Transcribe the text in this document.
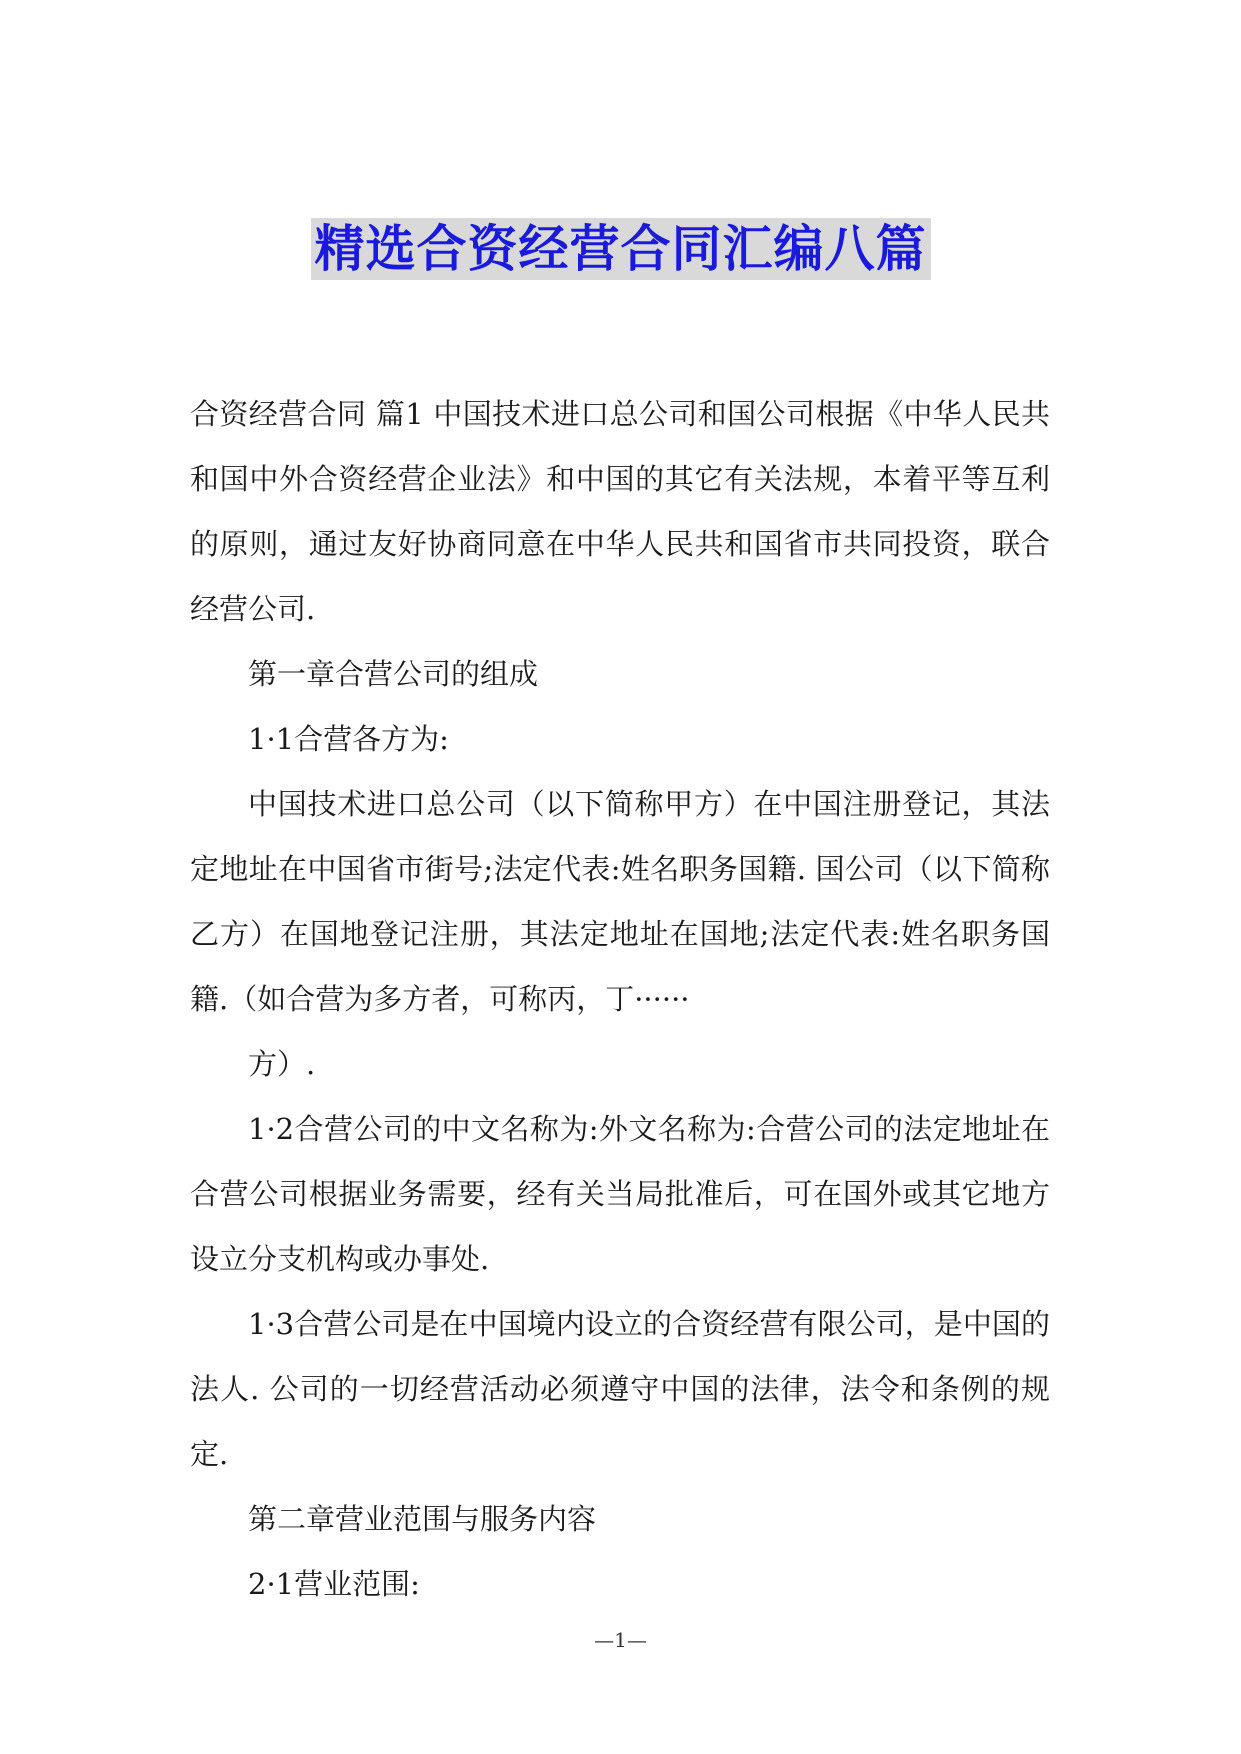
精选合资经营合同汇编八篇

合资经营合同 篇1 中国技术进口总公司和国公司根据《中华人民共和国中外合资经营企业法》和中国的其它有关法规，本着平等互利的原则，通过友好协商同意在中华人民共和国省市共同投资，联合经营公司.

第一章合营公司的组成

1·1合营各方为:

中国技术进口总公司（以下简称甲方）在中国注册登记，其法定地址在中国省市街号;法定代表:姓名职务国籍. 国公司（以下简称乙方）在国地登记注册，其法定地址在国地;法定代表:姓名职务国籍.（如合营为多方者，可称丙，丁······

方）.

1·2合营公司的中文名称为:外文名称为:合营公司的法定地址在合营公司根据业务需要，经有关当局批准后，可在国外或其它地方设立分支机构或办事处.

1·3合营公司是在中国境内设立的合资经营有限公司，是中国的法人. 公司的一切经营活动必须遵守中国的法律，法令和条例的规定.

第二章营业范围与服务内容

2·1营业范围:

—1—
